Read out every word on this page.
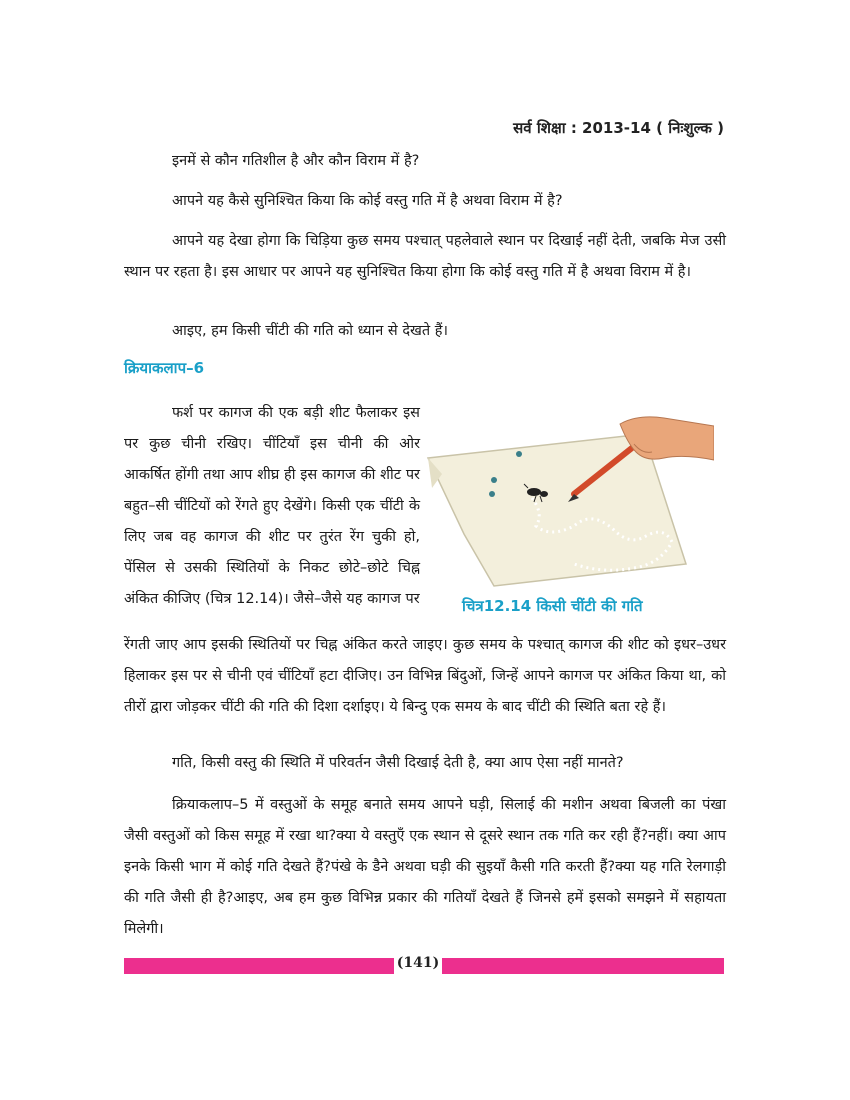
सर्व शिक्षा : 2013-14 ( निःशुल्क )

इनमें से कौन गतिशील है और कौन विराम में है?

आपने यह कैसे सुनिश्चित किया कि कोई वस्तु गति में है अथवा विराम में है?

आपने यह देखा होगा कि चिड़िया कुछ समय पश्चात् पहलेवाले स्थान पर दिखाई नहीं देती, जबकि मेज उसी स्थान पर रहता है। इस आधार पर आपने यह सुनिश्चित किया होगा कि कोई वस्तु गति में है अथवा विराम में है।

आइए, हम किसी चींटी की गति को ध्यान से देखते हैं।

क्रियाकलाप–6

फर्श पर कागज की एक बड़ी शीट फैलाकर इस पर कुछ चीनी रखिए। चींटियाँ इस चीनी की ओर आकर्षित होंगी तथा आप शीघ्र ही इस कागज की शीट पर बहुत–सी चींटियों को रेंगते हुए देखेंगे। किसी एक चींटी के लिए जब वह कागज की शीट पर तुरंत रेंग चुकी हो, पेंसिल से उसकी स्थितियों के निकट छोटे–छोटे चिह्न अंकित कीजिए (चित्र 12.14)। जैसे–जैसे यह कागज पर	चित्र12.14 किसी चींटी की गति

रेंगती जाए आप इसकी स्थितियों पर चिह्न अंकित करते जाइए। कुछ समय के पश्चात् कागज की शीट को इधर–उधर हिलाकर इस पर से चीनी एवं चींटियाँ हटा दीजिए। उन विभिन्न बिंदुओं, जिन्हें आपने कागज पर अंकित किया था, को तीरों द्वारा जोड़कर चींटी की गति की दिशा दर्शाइए। ये बिन्दु एक समय के बाद चींटी की स्थिति बता रहे हैं।

गति, किसी वस्तु की स्थिति में परिवर्तन जैसी दिखाई देती है, क्या आप ऐसा नहीं मानते?

क्रियाकलाप–5 में वस्तुओं के समूह बनाते समय आपने घड़ी, सिलाई की मशीन अथवा बिजली का पंखा जैसी वस्तुओं को किस समूह में रखा था?क्या ये वस्तुएँ एक स्थान से दूसरे स्थान तक गति कर रही हैं?नहीं। क्या आप इनके किसी भाग में कोई गति देखते हैं?पंखे के डैने अथवा घड़ी की सुइयाँ कैसी गति करती हैं?क्या यह गति रेलगाड़ी की गति जैसी ही है?आइए, अब हम कुछ विभिन्न प्रकार की गतियाँ देखते हैं जिनसे हमें इसको समझने में सहायता मिलेगी।

(141)
